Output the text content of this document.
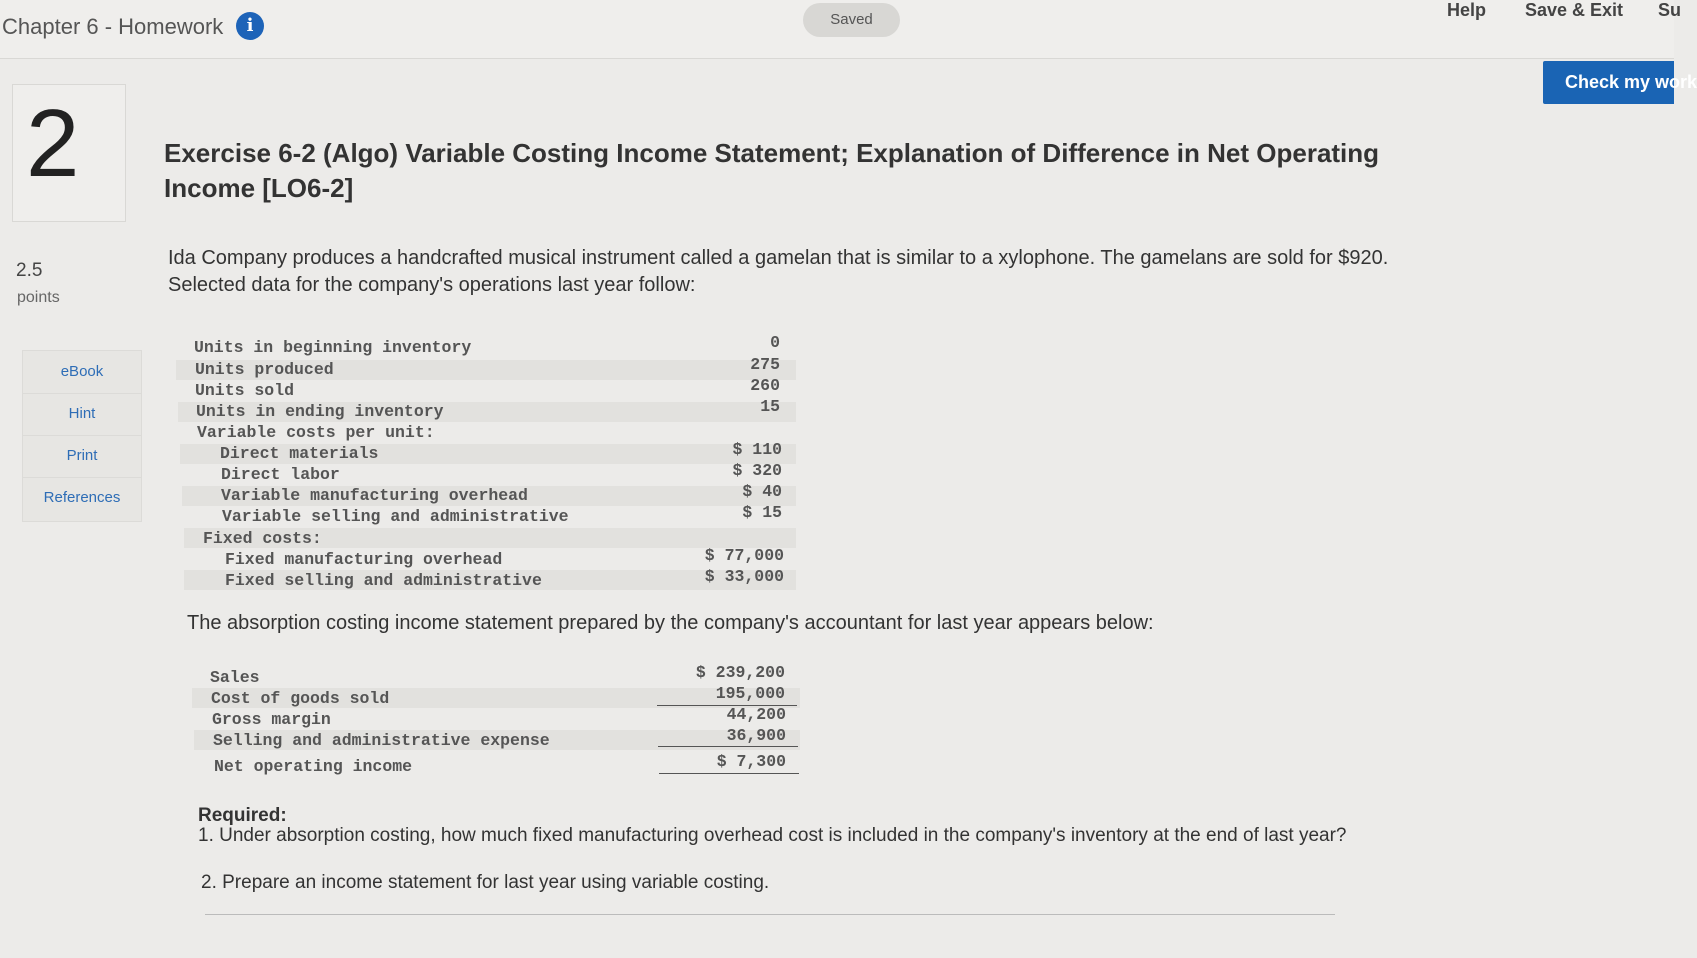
Chapter 6 - Homework	i	Saved	Help Save & Exit Su
Check my work
2
2.5
points
eBook
Hint
Print
References
Exercise 6-2 (Algo) Variable Costing Income Statement; Explanation of Difference in Net Operating Income [LO6-2]
Ida Company produces a handcrafted musical instrument called a gamelan that is similar to a xylophone. The gamelans are sold for $920. Selected data for the company's operations last year follow:
Units in beginning inventory	0
Units produced	275
Units sold	260
Units in ending inventory	15
Variable costs per unit:
Direct materials	$ 110
Direct labor	$ 320
Variable manufacturing overhead	$ 40
Variable selling and administrative	$ 15
Fixed costs:
Fixed manufacturing overhead	$ 77,000
Fixed selling and administrative	$ 33,000
The absorption costing income statement prepared by the company's accountant for last year appears below:
Sales	$ 239,200
Cost of goods sold	195,000
Gross margin	44,200
Selling and administrative expense	36,900
Net operating income	$ 7,300
Required:
1. Under absorption costing, how much fixed manufacturing overhead cost is included in the company's inventory at the end of last year?
2. Prepare an income statement for last year using variable costing.
